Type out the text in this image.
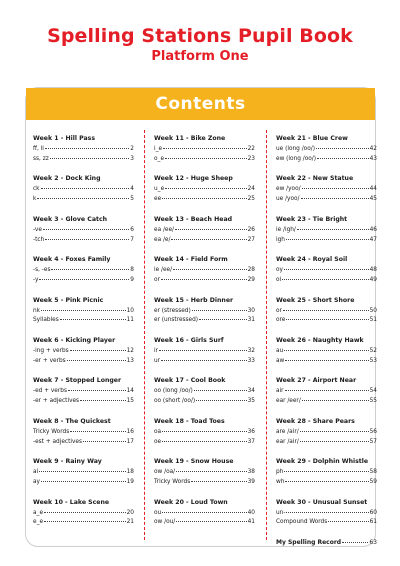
Spelling Stations Pupil Book
Platform One
Contents
Week 1 - Hill Pass
ff, ll	2
ss, zz	3
Week 2 - Dock King
ck	4
k	5
Week 3 - Glove Catch
-ve	6
-tch	7
Week 4 - Foxes Family
-s, -es	8
-y	9
Week 5 - Pink Picnic
nk	10
Syllables	11
Week 6 - Kicking Player
-ing + verbs	12
-er + verbs	13
Week 7 - Stopped Longer
-ed + verbs	14
-er + adjectives	15
Week 8 - The Quickest
Tricky Words	16
-est + adjectives	17
Week 9 - Rainy Way
ai	18
ay	19
Week 10 - Lake Scene
a_e	20
e_e	21
Week 11 - Bike Zone
i_e	22
o_e	23
Week 12 - Huge Sheep
u_e	24
ee	25
Week 13 - Beach Head
ea /ee/	26
ea /e/	27
Week 14 - Field Form
ie /ee/	28
or	29
Week 15 - Herb Dinner
er (stressed)	30
er (unstressed)	31
Week 16 - Girls Surf
ir	32
ur	33
Week 17 - Cool Book
oo (long /oo/)	34
oo (short /oo/)	35
Week 18 - Toad Toes
oa	36
oe	37
Week 19 - Snow House
ow /oa/	38
Tricky Words	39
Week 20 - Loud Town
ou	40
ow /ou/	41
Week 21 - Blue Crew
ue (long /oo/)	42
ew (long /oo/)	43
Week 22 - New Statue
ew /yoo/	44
ue /yoo/	45
Week 23 - Tie Bright
ie /igh/	46
igh	47
Week 24 - Royal Soil
oy	48
oi	49
Week 25 - Short Shore
or	50
ore	51
Week 26 - Naughty Hawk
au	52
aw	53
Week 27 - Airport Near
air	54
ear /eer/	55
Week 28 - Share Pears
are /air/	56
ear /air/	57
Week 29 - Dolphin Whistle
ph	58
wh	59
Week 30 - Unusual Sunset
un-	60
Compound Words	61
My Spelling Record	63
